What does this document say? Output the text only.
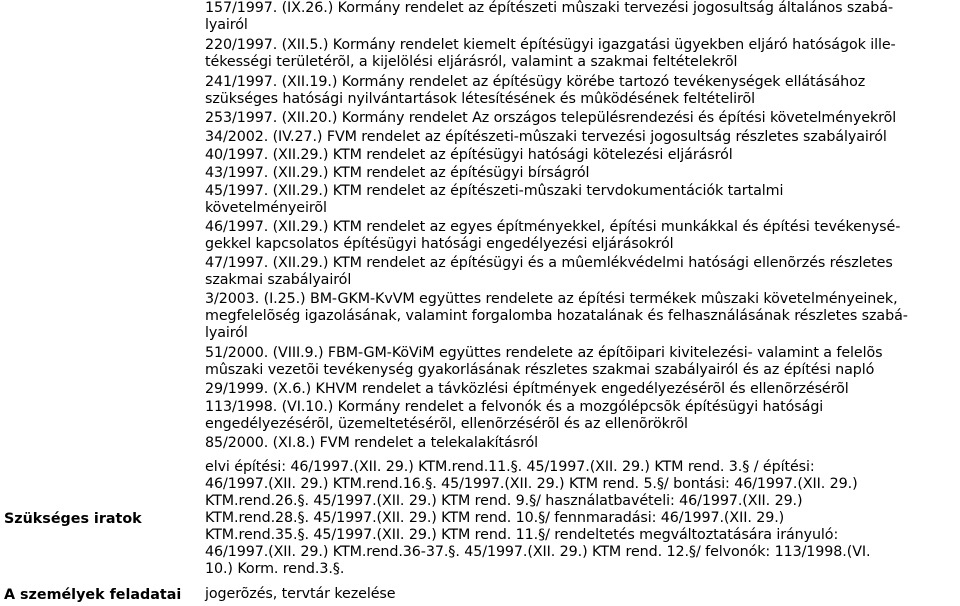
Szükséges iratok
A személyek feladatai
157/1997. (IX.26.) Kormány rendelet az építészeti mûszaki tervezési jogosultság általános szabá-
lyairól
220/1997. (XII.5.) Kormány rendelet kiemelt építésügyi igazgatási ügyekben eljáró hatóságok ille-
tékességi területérõl, a kijelölési eljárásról, valamint a szakmai feltételekrõl
241/1997. (XII.19.) Kormány rendelet az építésügy körébe tartozó tevékenységek ellátásához
szükséges hatósági nyilvántartások létesítésének és mûködésének feltételirõl
253/1997. (XII.20.) Kormány rendelet Az országos településrendezési és építési követelményekrõl
34/2002. (IV.27.) FVM rendelet az építészeti-mûszaki tervezési jogosultság részletes szabályairól
40/1997. (XII.29.) KTM rendelet az építésügyi hatósági kötelezési eljárásról
43/1997. (XII.29.) KTM rendelet az építésügyi bírságról
45/1997. (XII.29.) KTM rendelet az építészeti-mûszaki tervdokumentációk tartalmi
követelményeirõl
46/1997. (XII.29.) KTM rendelet az egyes építményekkel, építési munkákkal és építési tevékenysé-
gekkel kapcsolatos építésügyi hatósági engedélyezési eljárásokról
47/1997. (XII.29.) KTM rendelet az építésügyi és a mûemlékvédelmi hatósági ellenõrzés részletes
szakmai szabályairól
3/2003. (I.25.) BM-GKM-KvVM együttes rendelete az építési termékek mûszaki követelményeinek,
megfelelõség igazolásának, valamint forgalomba hozatalának és felhasználásának részletes szabá-
lyairól
51/2000. (VIII.9.) FBM-GM-KöViM együttes rendelete az építõipari kivitelezési- valamint a felelõs
mûszaki vezetõi tevékenység gyakorlásának részletes szakmai szabályairól és az építési napló
29/1999. (X.6.) KHVM rendelet a távközlési építmények engedélyezésérõl és ellenõrzésérõl
113/1998. (VI.10.) Kormány rendelet a felvonók és a mozgólépcsõk építésügyi hatósági
engedélyezésérõl, üzemeltetésérõl, ellenõrzésérõl és az ellenõrökrõl
85/2000. (XI.8.) FVM rendelet a telekalakításról
elvi építési: 46/1997.(XII. 29.) KTM.rend.11.§. 45/1997.(XII. 29.) KTM rend. 3.§ / építési:
46/1997.(XII. 29.) KTM.rend.16.§. 45/1997.(XII. 29.) KTM rend. 5.§/ bontási: 46/1997.(XII. 29.)
KTM.rend.26.§. 45/1997.(XII. 29.) KTM rend. 9.§/ használatbavételi: 46/1997.(XII. 29.)
KTM.rend.28.§. 45/1997.(XII. 29.) KTM rend. 10.§/ fennmaradási: 46/1997.(XII. 29.)
KTM.rend.35.§. 45/1997.(XII. 29.) KTM rend. 11.§/ rendeltetés megváltoztatására irányuló:
46/1997.(XII. 29.) KTM.rend.36-37.§. 45/1997.(XII. 29.) KTM rend. 12.§/ felvonók: 113/1998.(VI.
10.) Korm. rend.3.§.
jogerõzés, tervtár kezelése
